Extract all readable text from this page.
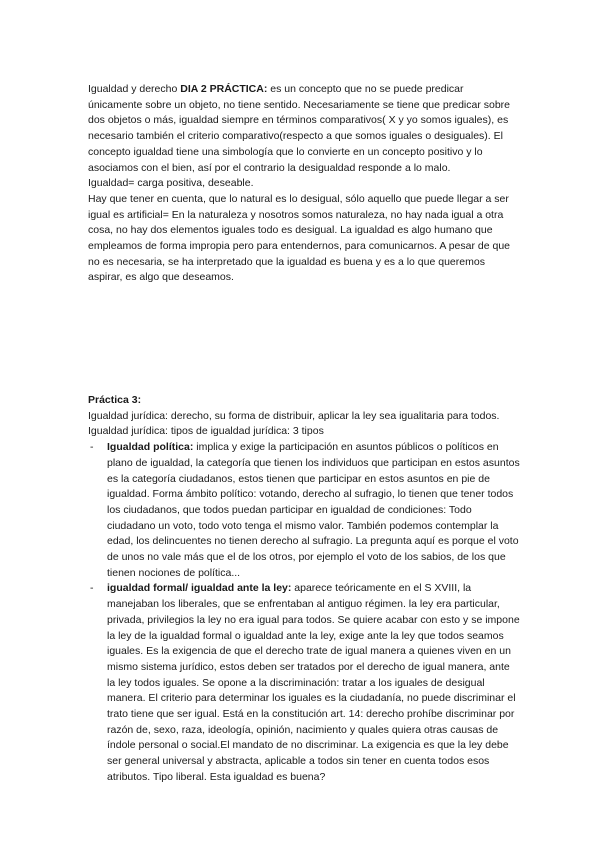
Igualdad y derecho DIA 2 PRÁCTICA: es un concepto que no se puede predicar únicamente sobre un objeto, no tiene sentido. Necesariamente se tiene que predicar sobre dos objetos o más, igualdad siempre en términos comparativos( X y yo somos iguales), es necesario también el criterio comparativo(respecto a que somos iguales o desiguales). El concepto igualdad tiene una simbología que lo convierte en un concepto positivo y lo asociamos con el bien, así por el contrario la desigualdad responde a lo malo.

Igualdad= carga positiva, deseable.

Hay que tener en cuenta, que lo natural es lo desigual, sólo aquello que puede llegar a ser igual es artificial= En la naturaleza y nosotros somos naturaleza, no hay nada igual a otra cosa, no hay dos elementos iguales todo es desigual. La igualdad es algo humano que empleamos de forma impropia pero para entendernos, para comunicarnos. A pesar de que no es necesaria, se ha interpretado que la igualdad es buena y es a lo que queremos aspirar, es algo que deseamos.

Práctica 3:

Igualdad jurídica: derecho, su forma de distribuir, aplicar la ley sea igualitaria para todos.

Igualdad jurídica: tipos de igualdad jurídica: 3 tipos

- Igualdad política: implica y exige la participación en asuntos públicos o políticos en plano de igualdad, la categoría que tienen los individuos que participan en estos asuntos es la categoría ciudadanos, estos tienen que participar en estos asuntos en pie de igualdad. Forma ámbito político: votando, derecho al sufragio, lo tienen que tener todos los ciudadanos, que todos puedan participar en igualdad de condiciones: Todo ciudadano un voto, todo voto tenga el mismo valor. También podemos contemplar la edad, los delincuentes no tienen derecho al sufragio. La pregunta aquí es porque el voto de unos no vale más que el de los otros, por ejemplo el voto de los sabios, de los que tienen nociones de política...
- igualdad formal/ igualdad ante la ley: aparece teóricamente en el S XVIII, la manejaban los liberales, que se enfrentaban al antiguo régimen. la ley era particular, privada, privilegios la ley no era igual para todos. Se quiere acabar con esto y se impone la ley de la igualdad formal o igualdad ante la ley, exige ante la ley que todos seamos iguales. Es la exigencia de que el derecho trate de igual manera a quienes viven en un mismo sistema jurídico, estos deben ser tratados por el derecho de igual manera, ante la ley todos iguales. Se opone a la discriminación: tratar a los iguales de desigual manera. El criterio para determinar los iguales es la ciudadanía, no puede discriminar el trato tiene que ser igual. Está en la constitución art. 14: derecho prohíbe discriminar por razón de, sexo, raza, ideología, opinión, nacimiento y quales quiera otras causas de índole personal o social.El mandato de no discriminar. La exigencia es que la ley debe ser general universal y abstracta, aplicable a todos sin tener en cuenta todos esos atributos. Tipo liberal. Esta igualdad es buena?
